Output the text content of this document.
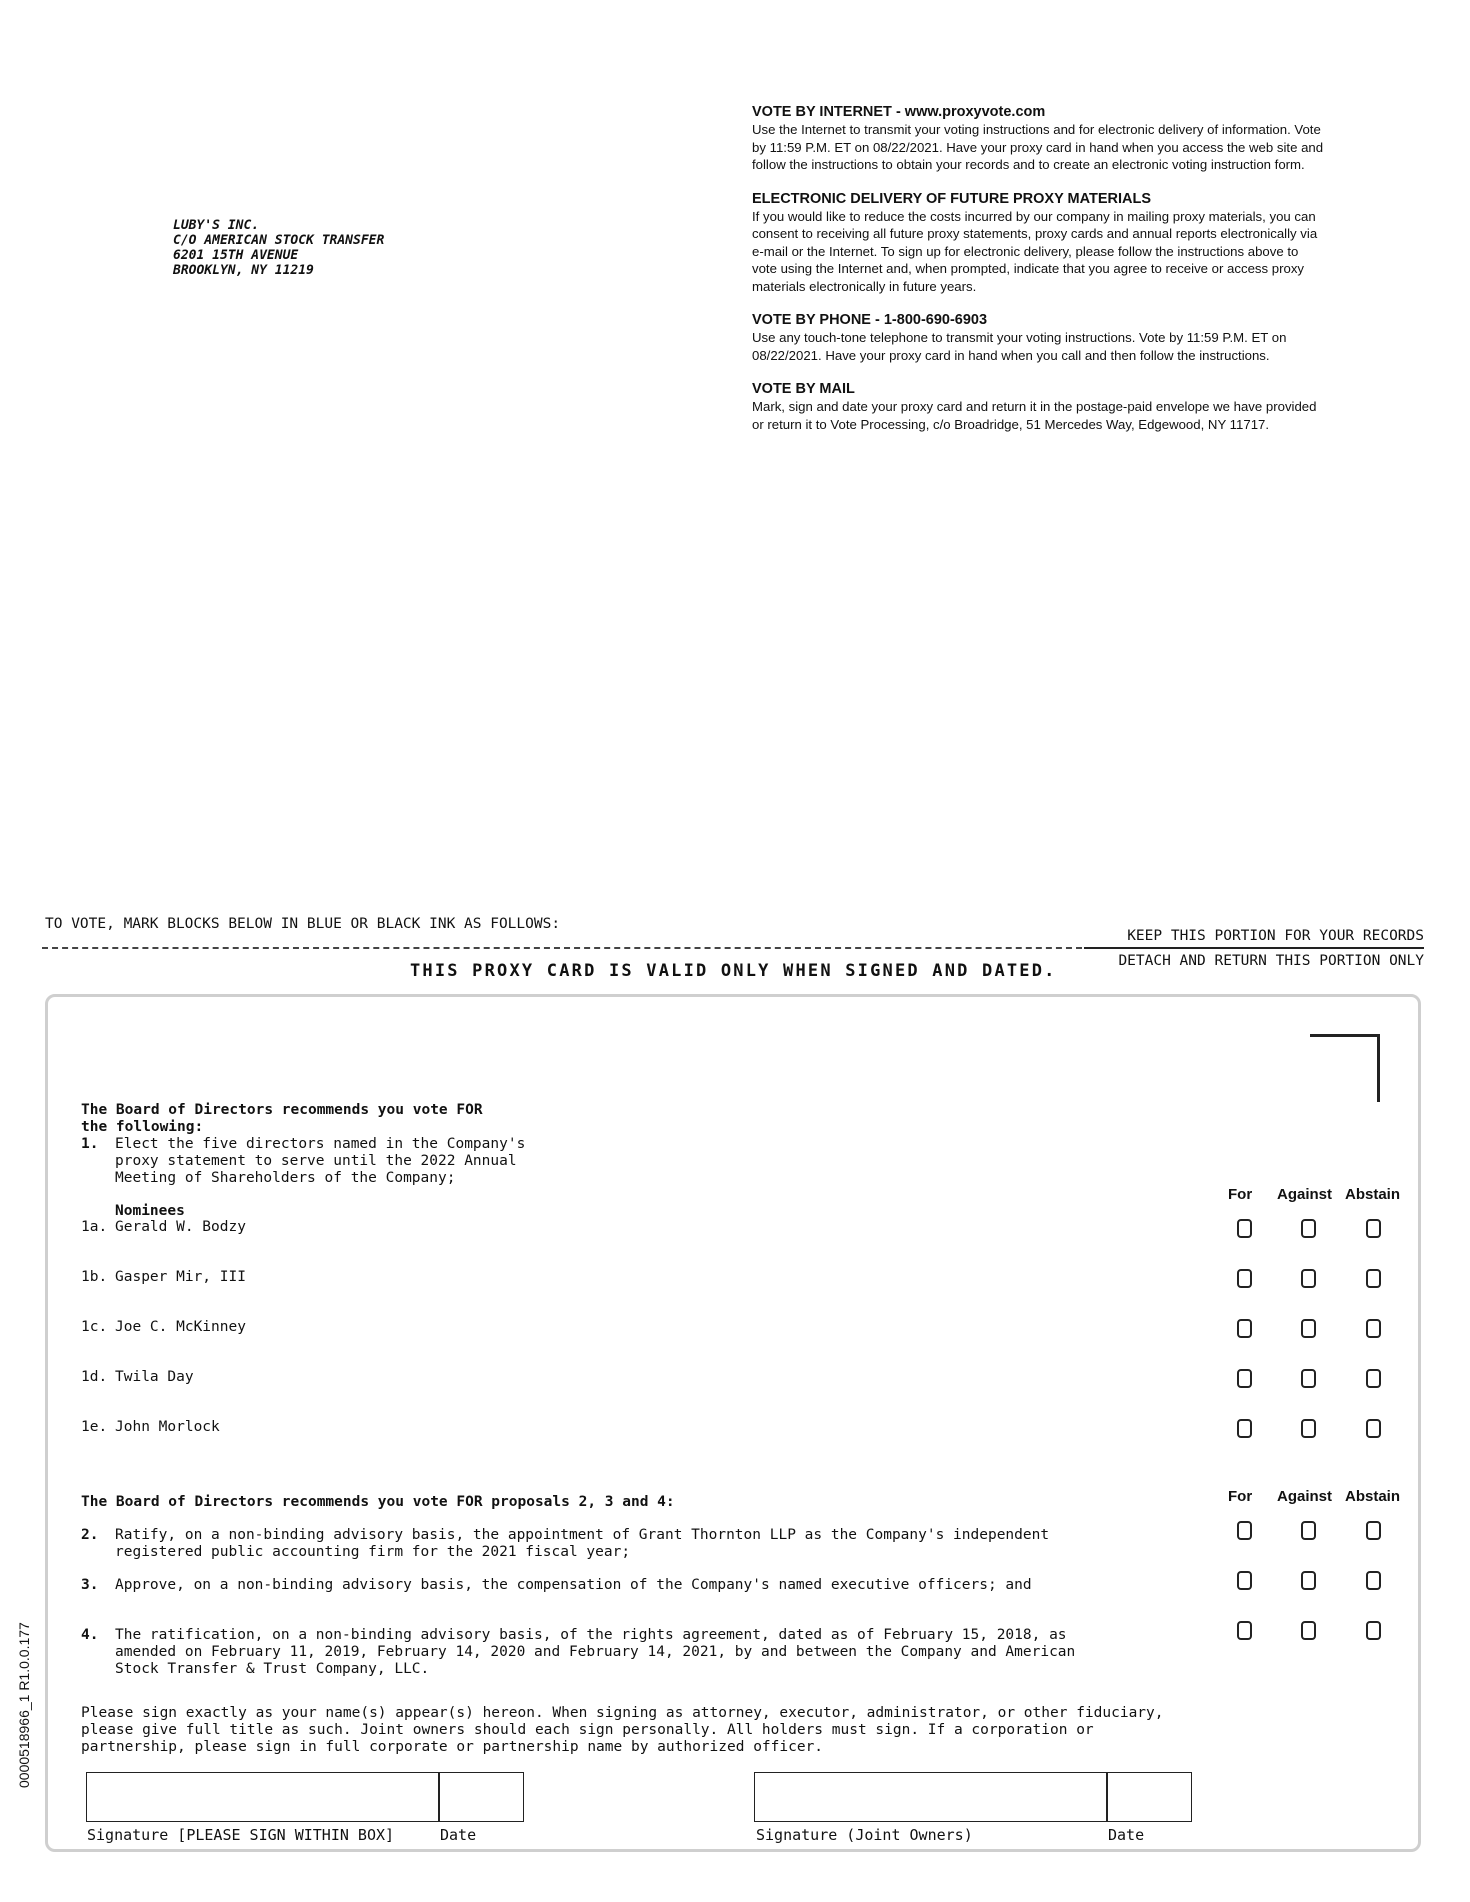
LUBY'S INC.
C/O AMERICAN STOCK TRANSFER
6201 15TH AVENUE
BROOKLYN, NY 11219
VOTE BY INTERNET - www.proxyvote.com
Use the Internet to transmit your voting instructions and for electronic delivery of information. Vote by 11:59 P.M. ET on 08/22/2021. Have your proxy card in hand when you access the web site and follow the instructions to obtain your records and to create an electronic voting instruction form.
ELECTRONIC DELIVERY OF FUTURE PROXY MATERIALS
If you would like to reduce the costs incurred by our company in mailing proxy materials, you can consent to receiving all future proxy statements, proxy cards and annual reports electronically via e-mail or the Internet. To sign up for electronic delivery, please follow the instructions above to vote using the Internet and, when prompted, indicate that you agree to receive or access proxy materials electronically in future years.
VOTE BY PHONE - 1-800-690-6903
Use any touch-tone telephone to transmit your voting instructions. Vote by 11:59 P.M. ET on 08/22/2021. Have your proxy card in hand when you call and then follow the instructions.
VOTE BY MAIL
Mark, sign and date your proxy card and return it in the postage-paid envelope we have provided or return it to Vote Processing, c/o Broadridge, 51 Mercedes Way, Edgewood, NY 11717.
TO VOTE, MARK BLOCKS BELOW IN BLUE OR BLACK INK AS FOLLOWS:
KEEP THIS PORTION FOR YOUR RECORDS
DETACH AND RETURN THIS PORTION ONLY
THIS PROXY CARD IS VALID ONLY WHEN SIGNED AND DATED.
The Board of Directors recommends you vote FOR
the following:
1. Elect the five directors named in the Company's
proxy statement to serve until the 2022 Annual
Meeting of Shareholders of the Company;
Nominees
For Against Abstain
1a. Gerald W. Bodzy
1b. Gasper Mir, III
1c. Joe C. McKinney
1d. Twila Day
1e. John Morlock
The Board of Directors recommends you vote FOR proposals 2, 3 and 4:	For Against Abstain
2. Ratify, on a non-binding advisory basis, the appointment of Grant Thornton LLP as the Company's independent
registered public accounting firm for the 2021 fiscal year;
3. Approve, on a non-binding advisory basis, the compensation of the Company's named executive officers; and
4. The ratification, on a non-binding advisory basis, of the rights agreement, dated as of February 15, 2018, as
amended on February 11, 2019, February 14, 2020 and February 14, 2021, by and between the Company and American
Stock Transfer & Trust Company, LLC.
Please sign exactly as your name(s) appear(s) hereon. When signing as attorney, executor, administrator, or other fiduciary,
please give full title as such. Joint owners should each sign personally. All holders must sign. If a corporation or
partnership, please sign in full corporate or partnership name by authorized officer.
Signature [PLEASE SIGN WITHIN BOX]	Date	Signature (Joint Owners)	Date
0000518966_1 R1.0.0.177
